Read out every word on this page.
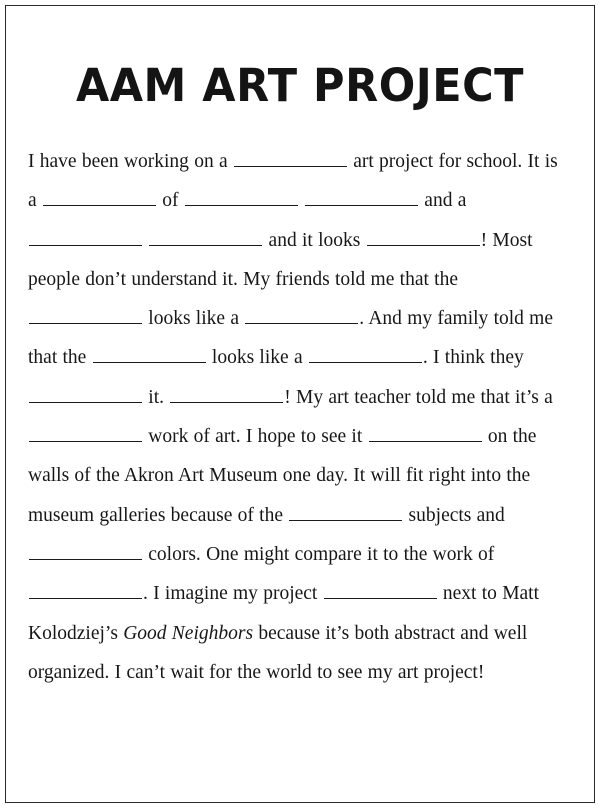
AAM ART PROJECT

I have been working on a	art project for school. It is a	of	and a   and it looks	! Most people don’t understand it. My friends told me that the  looks like a	. And my family told me that the	looks like a	. I think they  it.	! My art teacher told me that it’s a  work of art. I hope to see it	on the walls of the Akron Art Museum one day. It will fit right into the museum galleries because of the	subjects and  colors. One might compare it to the work of . I imagine my project	next to Matt Kolodziej’s Good Neighbors because it’s both abstract and well organized. I can’t wait for the world to see my art project!
